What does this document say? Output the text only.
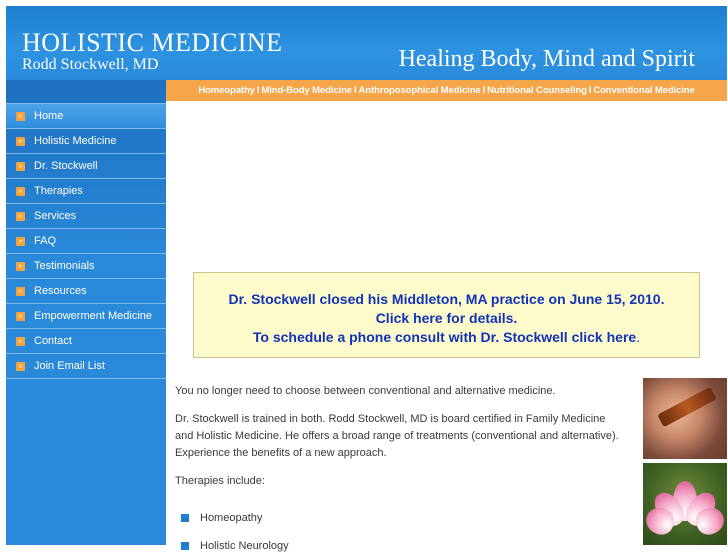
HOLISTIC MEDICINE
Rodd Stockwell, MD	Healing Body, Mind and Spirit
Homeopathy I Mind-Body Medicine I Anthroposophical Medicine I Nutritional Counseling I Conventional Medicine
» Home
» Holistic Medicine
» Dr. Stockwell
» Therapies
» Services
» FAQ
» Testimonials
» Resources
» Empowerment Medicine
» Contact
» Join Email List
Dr. Stockwell closed his Middleton, MA practice on June 15, 2010.
Click here for details.
To schedule a phone consult with Dr. Stockwell click here.

You no longer need to choose between conventional and alternative medicine.

Dr. Stockwell is trained in both. Rodd Stockwell, MD is board certified in Family Medicine and Holistic Medicine. He offers a broad range of treatments (conventional and alternative). Experience the benefits of a new approach.

Therapies include:

Homeopathy
Holistic Neurology
